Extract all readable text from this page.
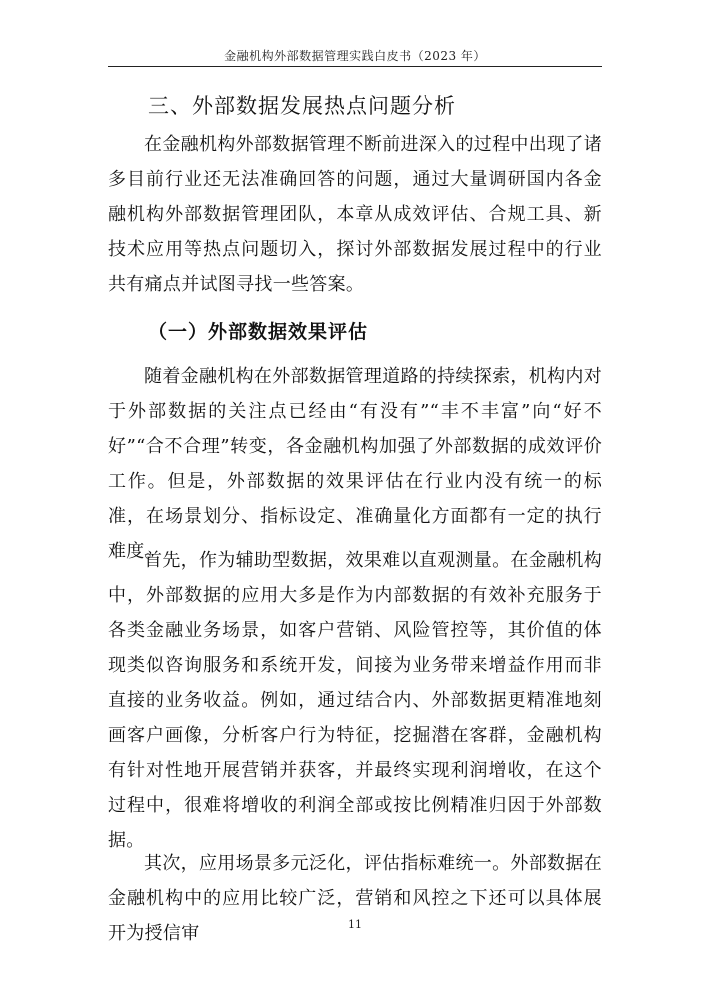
金融机构外部数据管理实践白皮书（2023 年）
三、外部数据发展热点问题分析

在金融机构外部数据管理不断前进深入的过程中出现了诸多目前行业还无法准确回答的问题，通过大量调研国内各金融机构外部数据管理团队，本章从成效评估、合规工具、新技术应用等热点问题切入，探讨外部数据发展过程中的行业共有痛点并试图寻找一些答案。

（一）外部数据效果评估

随着金融机构在外部数据管理道路的持续探索，机构内对于外部数据的关注点已经由“有没有”“丰不丰富”向“好不好”“合不合理”转变，各金融机构加强了外部数据的成效评价工作。但是，外部数据的效果评估在行业内没有统一的标准，在场景划分、指标设定、准确量化方面都有一定的执行难度。

首先，作为辅助型数据，效果难以直观测量。在金融机构中，外部数据的应用大多是作为内部数据的有效补充服务于各类金融业务场景，如客户营销、风险管控等，其价值的体现类似咨询服务和系统开发，间接为业务带来增益作用而非直接的业务收益。例如，通过结合内、外部数据更精准地刻画客户画像，分析客户行为特征，挖掘潜在客群，金融机构有针对性地开展营销并获客，并最终实现利润增收，在这个过程中，很难将增收的利润全部或按比例精准归因于外部数据。

其次，应用场景多元泛化，评估指标难统一。外部数据在金融机构中的应用比较广泛，营销和风控之下还可以具体展开为授信审	11
